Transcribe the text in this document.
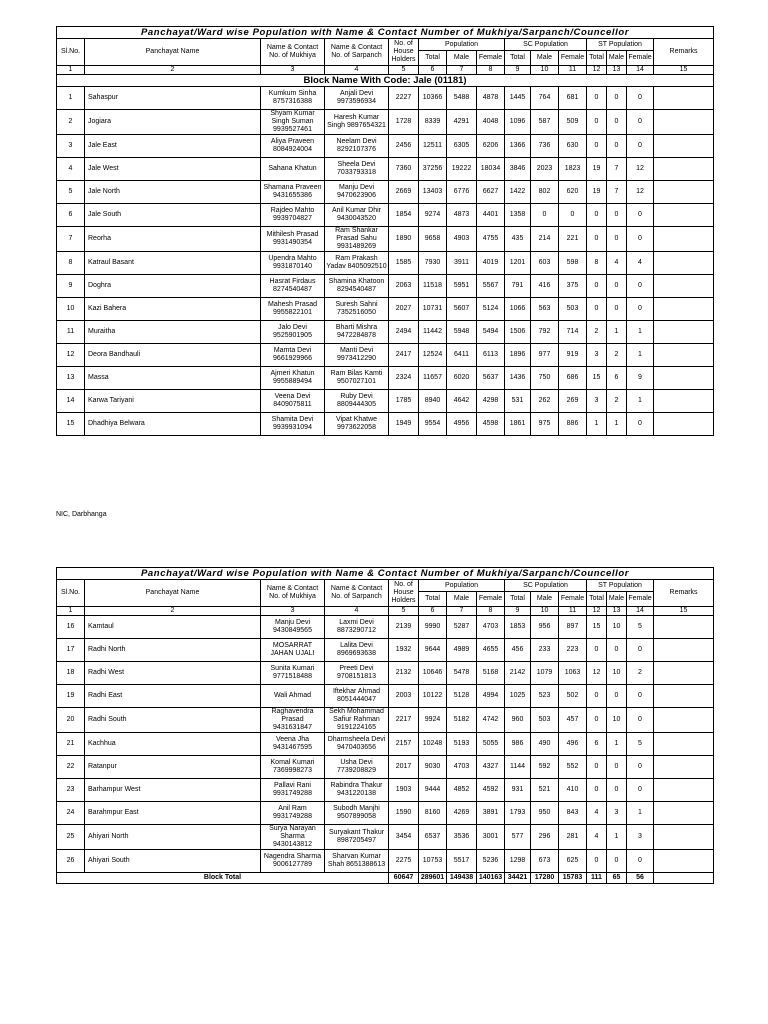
Panchayat/Ward wise Population with Name & Contact Number of Mukhiya/Sarpanch/Councellor														
Sl.No.	Panchayat Name	Name & Contact No. of Mukhiya	Name & Contact No. of Sarpanch	No. of House Holders	Population			SC Population			ST Population			Remarks
					Total	Male	Female	Total	Male	Female	Total	Male	Female	
1	2	3	4	5	6	7	8	9	10	11	12	13	14	15
Block Name With Code: Jale (01181)														
1	Sahaspur	Kumkum Sinha 8757316388	Anjali Devi 9973596934	2227	10366	5488	4878	1445	764	681	0	0	0	
2	Jogiara	Shyam Kumar Singh Suman 9939527461	Haresh Kumar Singh 9897654321	1728	8339	4291	4048	1096	587	509	0	0	0	
3	Jale East	Aliya Praveen 8084924004	Neelam Devi 8292107376	2456	12511	6305	6206	1366	736	630	0	0	0	
4	Jale West	Sahana Khatun	Sheela Devi 7033793318	7360	37256	19222	18034	3846	2023	1823	19	7	12	
5	Jale North	Shamana Praveen 9431655386	Manju Devi 9470623906	2669	13403	6776	6627	1422	802	620	19	7	12	
6	Jale South	Rajdeo Mahto 9939704827	Anil Kumar Dhir 9430043520	1854	9274	4873	4401	1358	0	0	0	0	0	
7	Reorha	Mithilesh Prasad 9931490354	Ram Shankar Prasad Sahu 9931489269	1890	9658	4903	4755	435	214	221	0	0	0	
8	Katraul Basant	Upendra Mahto 9931870140	Ram Prakash Yadav 8405092510	1585	7930	3911	4019	1201	603	598	8	4	4	
9	Doghra	Hasrat Firdaus 8274540487	Shamina Khatoon 8294540487	2063	11518	5951	5567	791	416	375	0	0	0	
10	Kazi Bahera	Mahesh Prasad 9955822101	Suresh Sahni 7352516050	2027	10731	5607	5124	1066	563	503	0	0	0	
11	Muraitha	Jalo Devi 9525901905	Bharti Mishra 9472284878	2494	11442	5948	5494	1506	792	714	2	1	1	
12	Deora Bandhauli	Mamta Devi 9661929966	Manti Devi 9973412290	2417	12524	6411	6113	1896	977	919	3	2	1	
13	Massa	Ajmeri Khatun 9955889494	Ram Bilas Kamti 9507027101	2324	11657	6020	5637	1436	750	686	15	6	9	
14	Karwa Tariyani	Veena Devi 8409075811	Ruby Devi 8809444305	1785	8940	4642	4298	531	262	269	3	2	1	
15	Dhadhiya Belwara	Shamita Devi 9939931094	Vipat Khatwe 9973622058	1949	9554	4956	4598	1861	975	886	1	1	0	
NIC, Darbhanga
Panchayat/Ward wise Population with Name & Contact Number of Mukhiya/Sarpanch/Councellor														
Sl.No.	Panchayat Name	Name & Contact No. of Mukhiya	Name & Contact No. of Sarpanch	No. of House Holders	Population			SC Population			ST Population			Remarks
					Total	Male	Female	Total	Male	Female	Total	Male	Female	
1	2	3	4	5	6	7	8	9	10	11	12	13	14	15
16	Kamtaul	Manju Devi 9430849565	Laxmi Devi 8873290712	2139	9990	5287	4703	1853	956	897	15	10	5	
17	Radhi North	MOSARRAT JAHAN UJALI	Lalita Devi 8969693638	1932	9644	4989	4655	456	233	223	0	0	0	
18	Radhi West	Sunita Kumari 9771518488	Preeti Devi 9708151813	2132	10646	5478	5168	2142	1079	1063	12	10	2	
19	Radhi East	Wali Ahmad	Iftekhar Ahmad 8051444047	2003	10122	5128	4994	1025	523	502	0	0	0	
20	Radhi South	Raghavendra Prasad 9431631847	Sekh Mohammad Safiur Rahman 9191224165	2217	9924	5182	4742	960	503	457	0	10	0	
21	Kachhua	Veena Jha 9431467595	Dharmsheela Devi 9470403656	2157	10248	5193	5055	986	490	496	6	1	5	
22	Ratanpur	Komal Kumari 7369998273	Usha Devi 7739208829	2017	9030	4703	4327	1144	592	552	0	0	0	
23	Barhampur West	Pallavi Rani 9931749288	Rabindra Thakur 9431220138	1903	9444	4852	4592	931	521	410	0	0	0	
24	Barahmpur East	Anil Ram 9931749288	Subodh Manjhi 9507899058	1590	8160	4269	3891	1793	950	843	4	3	1	
25	Ahiyari North	Surya Narayan Sharma 9430143812	Suryakant Thakur 8987205497	3454	6537	3536	3001	577	296	281	4	1	3	
26	Ahiyari South	Nagendra Sharma 9006127789	Sharvan Kumar Shah 8651388613	2275	10753	5517	5236	1298	673	625	0	0	0	
Block Total				60647	289601	149438	140163	34421	17280	15783	111	65	56	
